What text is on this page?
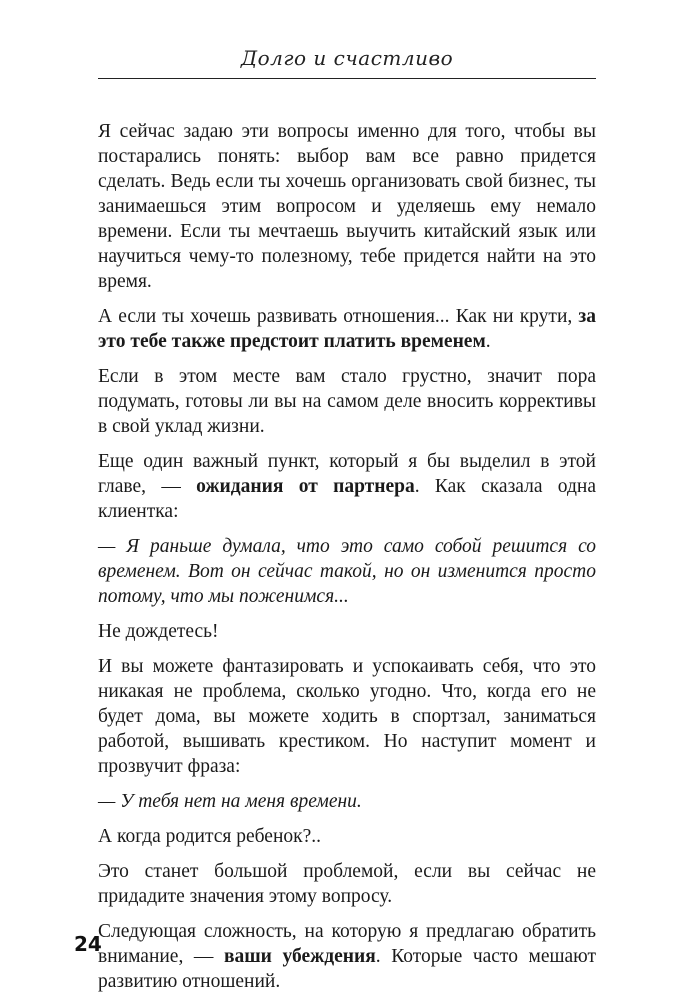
Долго и счастливо

Я сейчас задаю эти вопросы именно для того, чтобы вы постарались понять: выбор вам все равно придется сделать. Ведь если ты хочешь организовать свой бизнес, ты занимаешься этим вопросом и уделяешь ему немало времени. Если ты мечтаешь выучить китайский язык или научиться чему-то полезному, тебе придется найти на это время.

А если ты хочешь развивать отношения... Как ни крути, за это тебе также предстоит платить временем.

Если в этом месте вам стало грустно, значит пора подумать, готовы ли вы на самом деле вносить коррективы в свой уклад жизни.

Еще один важный пункт, который я бы выделил в этой главе, — ожидания от партнера. Как сказала одна клиентка:

— Я раньше думала, что это само собой решится со временем. Вот он сейчас такой, но он изменится просто потому, что мы поженимся...

Не дождетесь!

И вы можете фантазировать и успокаивать себя, что это никакая не проблема, сколько угодно. Что, когда его не будет дома, вы можете ходить в спортзал, заниматься работой, вышивать крестиком. Но наступит момент и прозвучит фраза:

— У тебя нет на меня времени.

А когда родится ребенок?..

Это станет большой проблемой, если вы сейчас не придадите значения этому вопросу.

Следующая сложность, на которую я предлагаю обратить внимание, — ваши убеждения. Которые часто мешают развитию отношений.

24
